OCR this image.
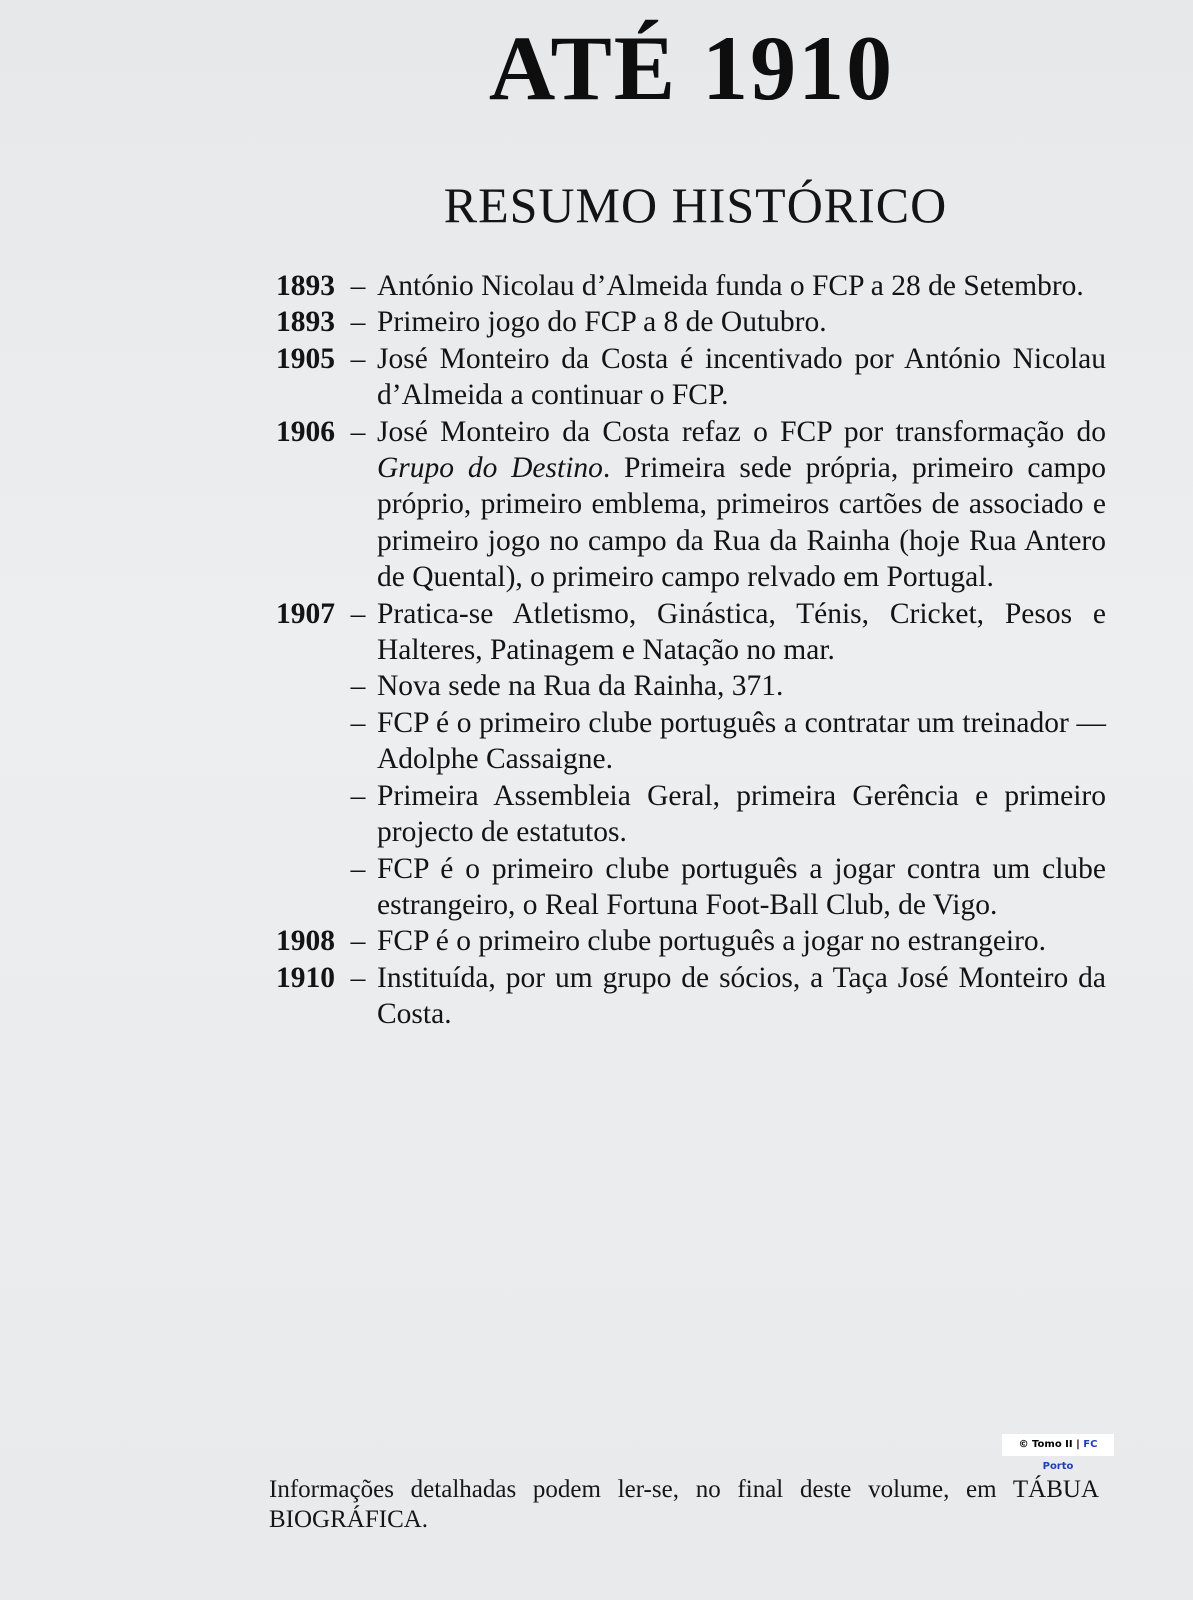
ATÉ 1910
RESUMO HISTÓRICO
1893 – António Nicolau d’Almeida funda o FCP a 28 de Setembro.
1893 – Primeiro jogo do FCP a 8 de Outubro.
1905 – José Monteiro da Costa é incentivado por António Nicolau d’Almeida a continuar o FCP.
1906 – José Monteiro da Costa refaz o FCP por transformação do Grupo do Destino. Primeira sede própria, primeiro campo próprio, primeiro emblema, primeiros cartões de associado e primeiro jogo no campo da Rua da Rainha (hoje Rua Antero de Quental), o primeiro campo relvado em Portugal.
1907 – Pratica-se Atletismo, Ginástica, Ténis, Cricket, Pesos e Halteres, Patinagem e Natação no mar.
– Nova sede na Rua da Rainha, 371.
– FCP é o primeiro clube português a contratar um treinador — Adolphe Cassaigne.
– Primeira Assembleia Geral, primeira Gerência e primeiro projecto de estatutos.
– FCP é o primeiro clube português a jogar contra um clube estrangeiro, o Real Fortuna Foot-Ball Club, de Vigo.
1908 – FCP é o primeiro clube português a jogar no estrangeiro.
1910 – Instituída, por um grupo de sócios, a Taça José Monteiro da Costa.
© Tomo II | FC Porto
Informações detalhadas podem ler-se, no final deste volume, em TÁBUA BIOGRÁFICA.
